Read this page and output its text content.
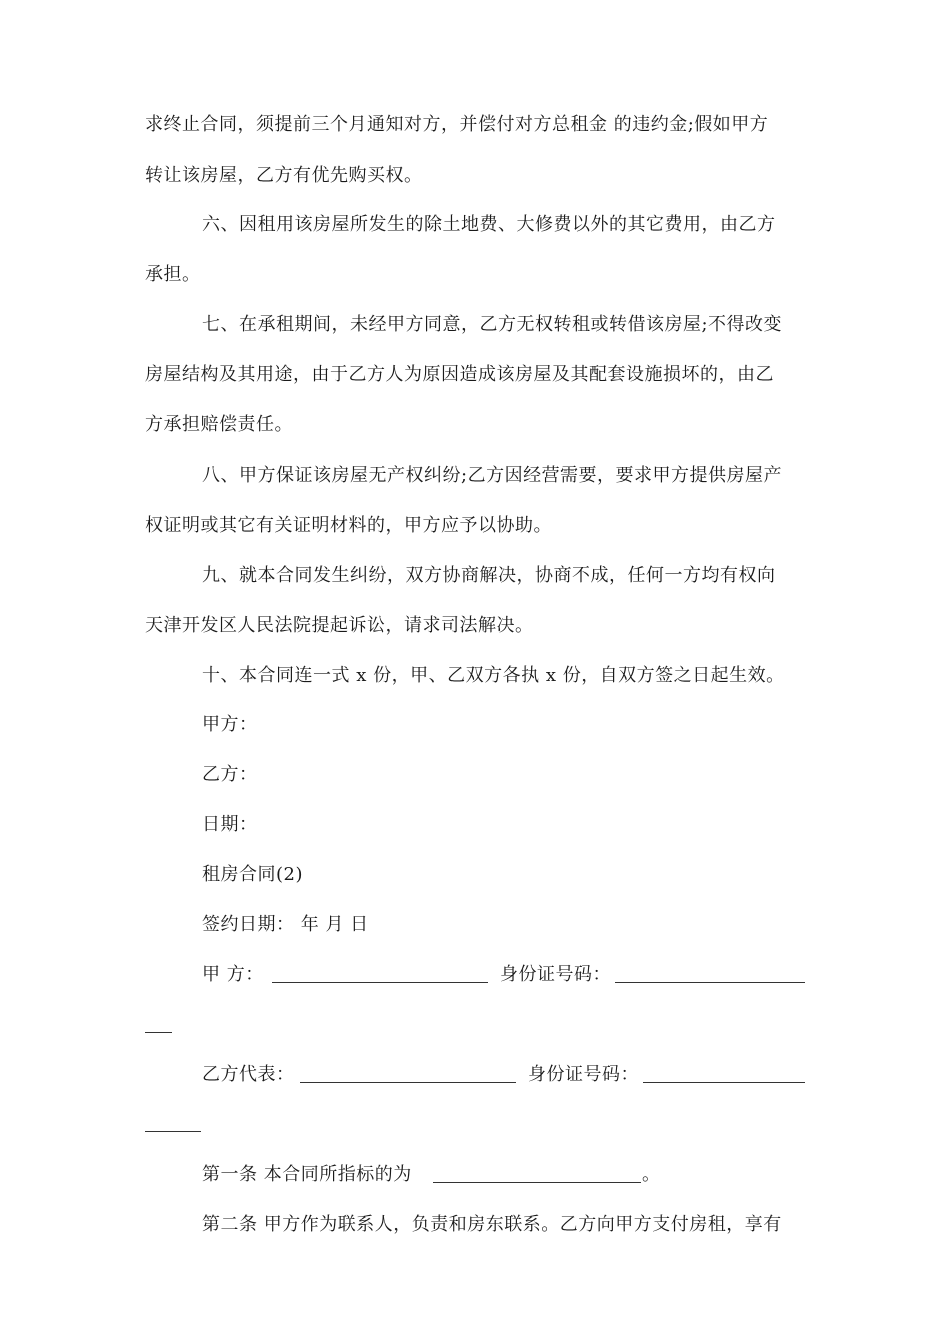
求终止合同，须提前三个月通知对方，并偿付对方总租金 的违约金;假如甲方
转让该房屋，乙方有优先购买权。
六、因租用该房屋所发生的除土地费、大修费以外的其它费用，由乙方
承担。
七、在承租期间，未经甲方同意，乙方无权转租或转借该房屋;不得改变
房屋结构及其用途，由于乙方人为原因造成该房屋及其配套设施损坏的，由乙
方承担赔偿责任。
八、甲方保证该房屋无产权纠纷;乙方因经营需要，要求甲方提供房屋产
权证明或其它有关证明材料的，甲方应予以协助。
九、就本合同发生纠纷，双方协商解决，协商不成，任何一方均有权向
天津开发区人民法院提起诉讼，请求司法解决。
十、本合同连一式 x 份，甲、乙双方各执 x 份，自双方签之日起生效。
甲方：
乙方：
日期：
租房合同(2)
签约日期： 年 月 日
甲 方：	身份证号码：
乙方代表：	身份证号码：
第一条 本合同所指标的为	。
第二条 甲方作为联系人，负责和房东联系。乙方向甲方支付房租，享有
